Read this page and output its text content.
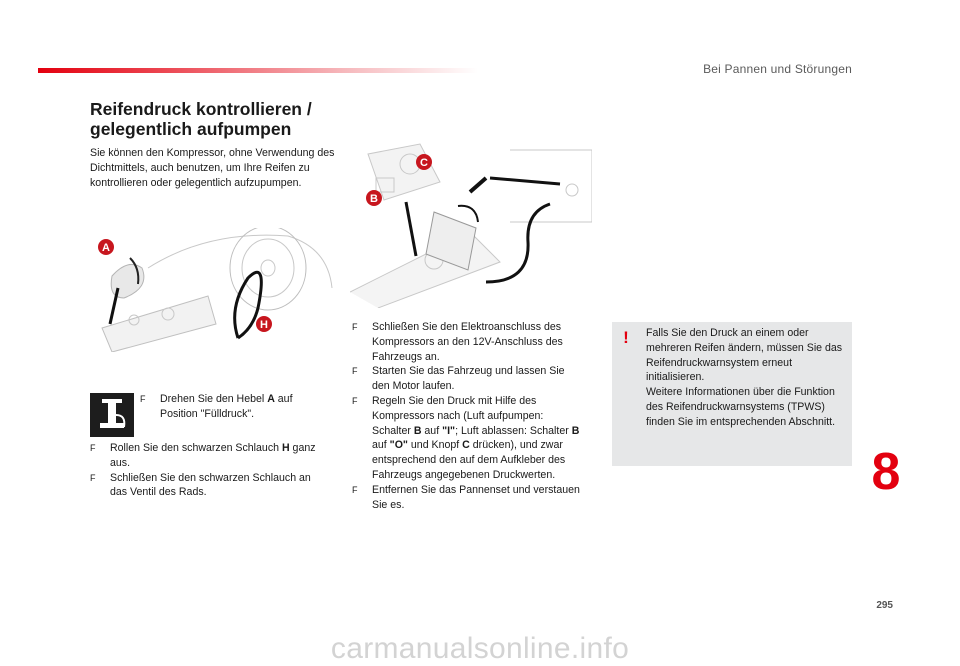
Bei Pannen und Störungen
Reifendruck kontrollieren /
gelegentlich aufpumpen
Sie können den Kompressor, ohne Verwendung des Dichtmittels, auch benutzen, um Ihre Reifen zu kontrollieren oder gelegentlich aufzupumpen.
A
H
B
C

F Drehen Sie den Hebel A auf Position "Fülldruck".

F Rollen Sie den schwarzen Schlauch H ganz aus.

F Schließen Sie den schwarzen Schlauch an das Ventil des Rads.

F Schließen Sie den Elektroanschluss des Kompressors an den 12V-Anschluss des Fahrzeugs an.

F Starten Sie das Fahrzeug und lassen Sie den Motor laufen.

F Regeln Sie den Druck mit Hilfe des Kompressors nach (Luft aufpumpen: Schalter B auf "I"; Luft ablassen: Schalter B auf "O" und Knopf C drücken), und zwar entsprechend den auf dem Aufkleber des Fahrzeugs angegebenen Druckwerten.

F Entfernen Sie das Pannenset und verstauen Sie es.

!	Falls Sie den Druck an einem oder mehreren Reifen ändern, müssen Sie das Reifendruckwarnsystem erneut initialisieren.
Weitere Informationen über die Funktion des Reifendruckwarnsystems (TPWS) finden Sie im entsprechenden Abschnitt.
8
295
carmanualsonline.info
